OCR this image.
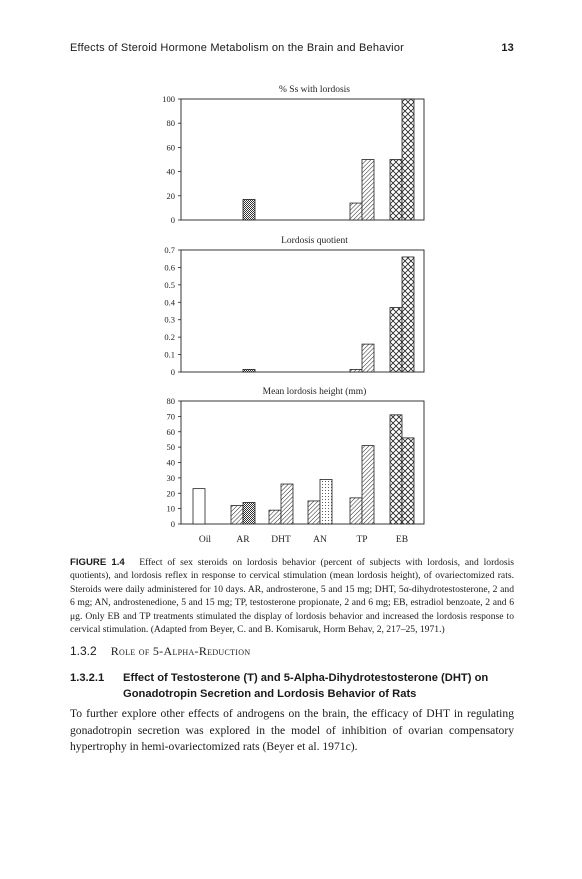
Effects of Steroid Hormone Metabolism on the Brain and Behavior	13
% Ss with lordosis
0
20
40
60
80
100
Lordosis quotient
0
0.1
0.2
0.3
0.4
0.5
0.6
0.7
Mean lordosis height (mm)
0
10
20
30
40
50
60
70
80
Oil	AR DHT AN	TP	EB
FIGURE 1.4 Effect of sex steroids on lordosis behavior (percent of subjects with lordosis, and lordosis quotients), and lordosis reflex in response to cervical stimulation (mean lordosis height), of ovariectomized rats. Steroids were daily administered for 10 days. AR, androsterone, 5 and 15 mg; DHT, 5α-dihydrotestosterone, 2 and 6 mg; AN, androstenedione, 5 and 15 mg; TP, testosterone propionate, 2 and 6 mg; EB, estradiol benzoate, 2 and 6 μg. Only EB and TP treatments stimulated the display of lordosis behavior and increased the lordosis response to cervical stimulation. (Adapted from Beyer, C. and B. Komisaruk, Horm Behav, 2, 217–25, 1971.)
1.3.2 Role of 5-Alpha-Reduction
1.3.2.1 Effect of Testosterone (T) and 5-Alpha-Dihydrotestosterone (DHT) on Gonadotropin Secretion and Lordosis Behavior of Rats
To further explore other effects of androgens on the brain, the efficacy of DHT in regulating gonadotropin secretion was explored in the model of inhibition of ovarian compensatory hypertrophy in hemi-ovariectomized rats (Beyer et al. 1971c).
